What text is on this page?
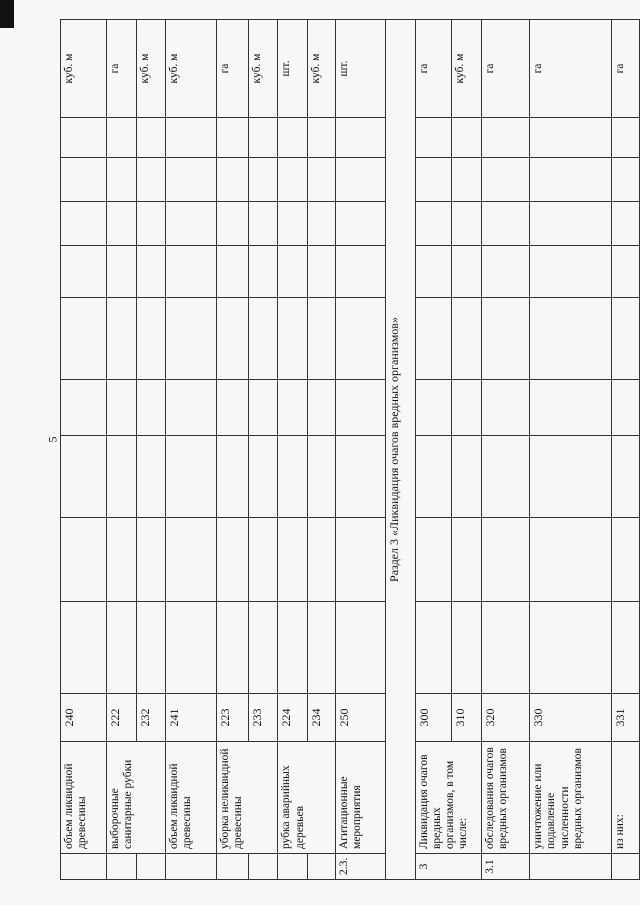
5
	объем ликвидной древесины	240										куб. м
	выборочные санитарные рубки	222										га
		232										куб. м
	объем ликвидной древесины	241										куб. м
	уборка неликвидной древесины	223										га
		233										куб. м
	рубка аварийных деревьев	224										шт.
		234										куб. м
2.3.	Агитационные мероприятия	250										шт.
Раздел 3 «Ликвидация очагов вредных организмов»												
3	Ликвидация очагов вредных организмов, в том числе:	300										га
		310										куб. м
3.1	обследования очагов вредных организмов	320										га
	уничтожение или подавление численности вредных организмов	330										га
	из них:	331										га
